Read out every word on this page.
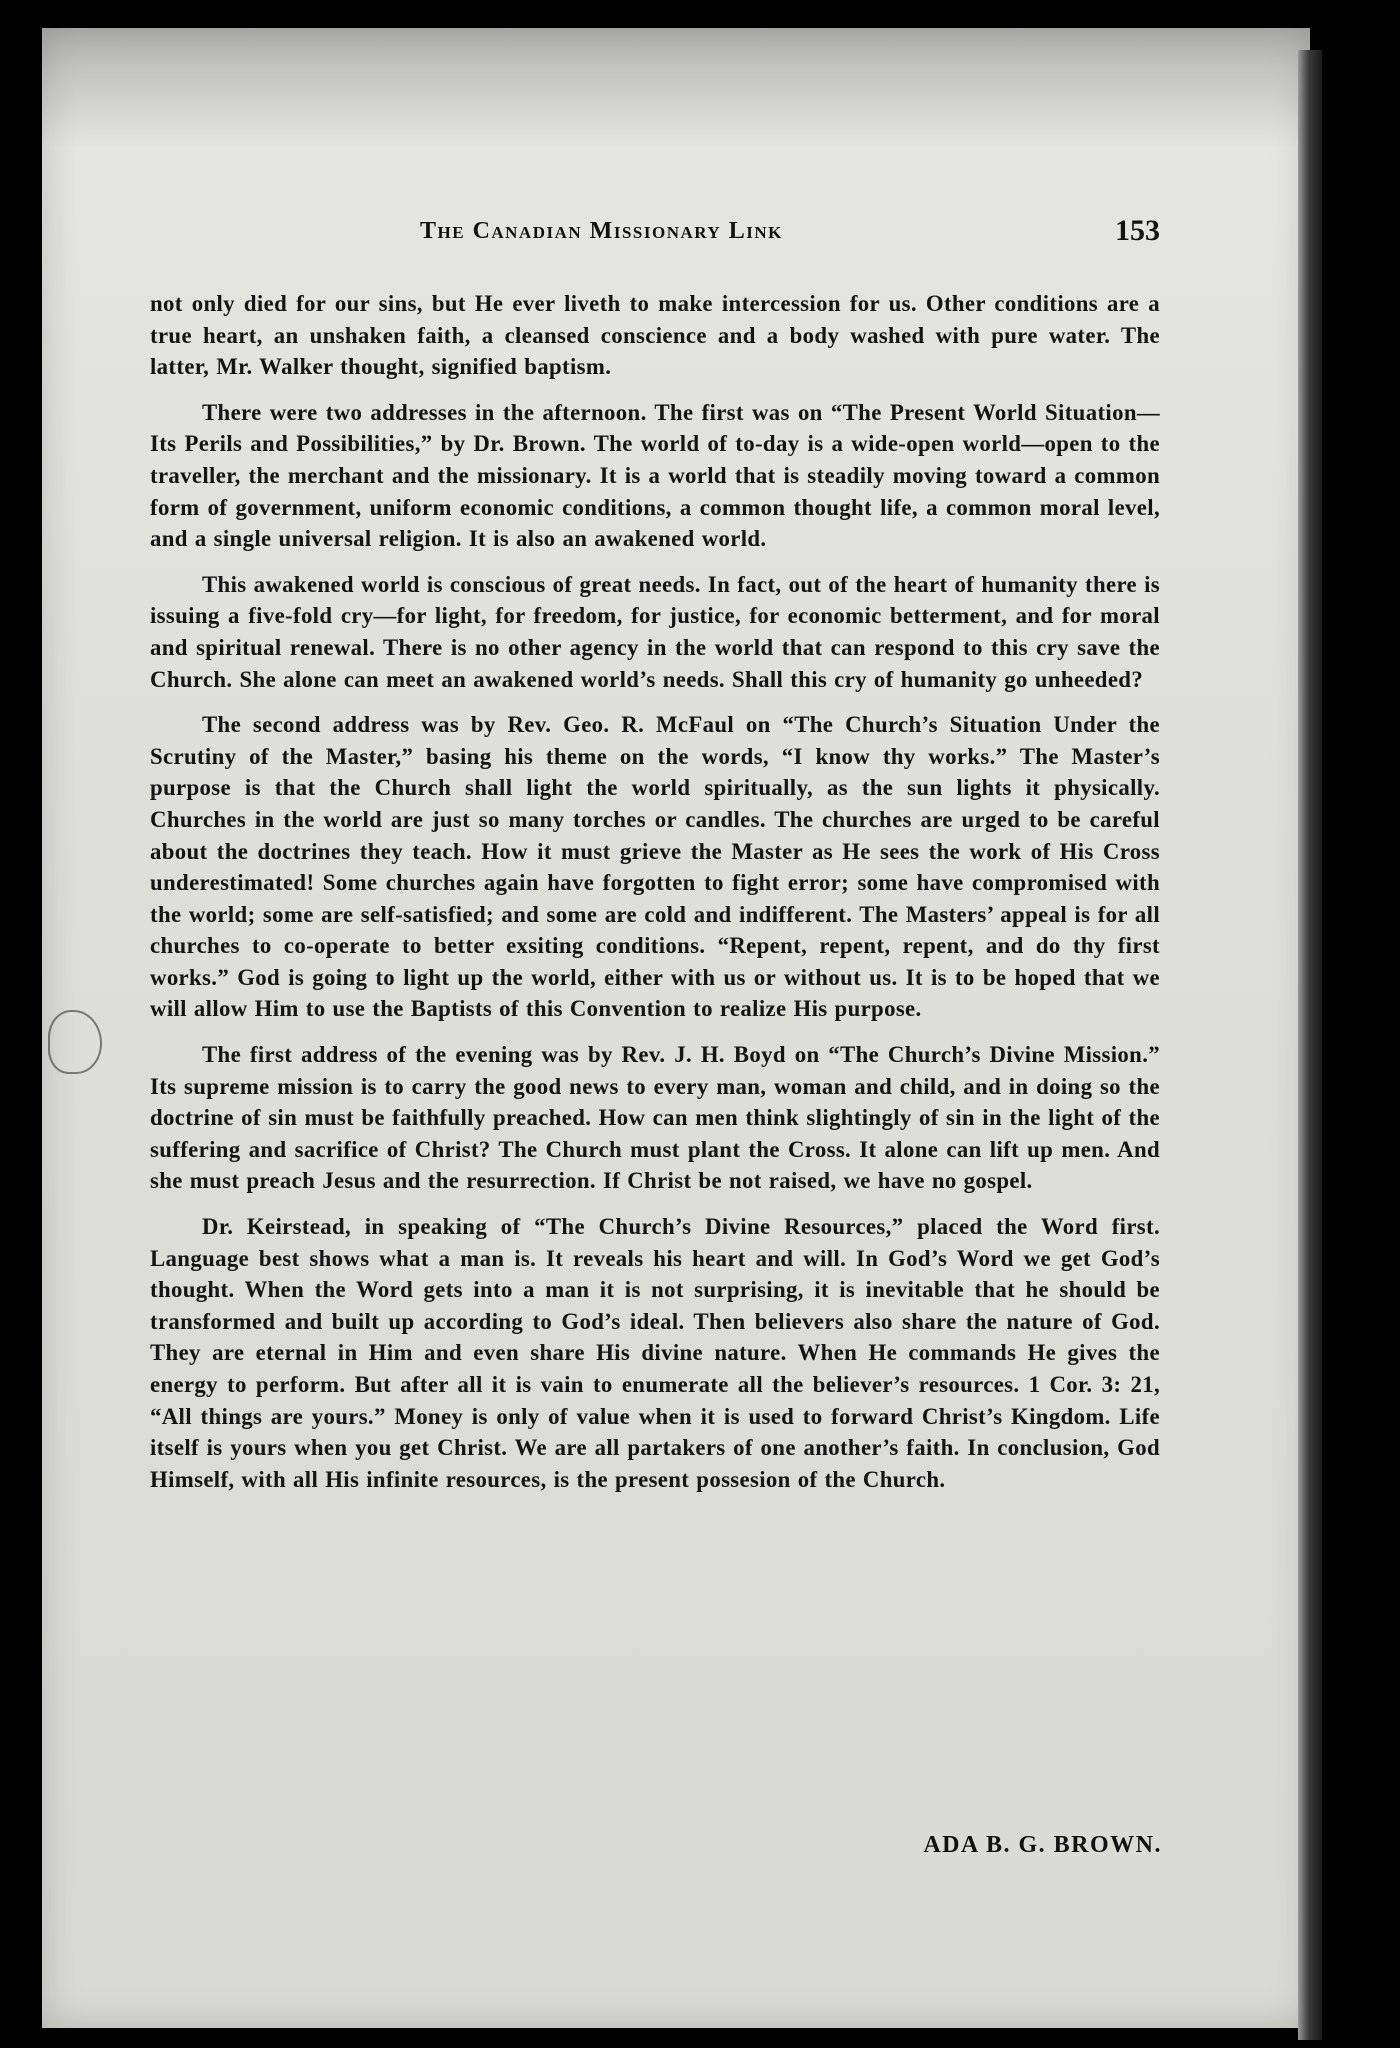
The Canadian Missionary Link	153

not only died for our sins, but He ever liveth to make intercession for us. Other conditions are a true heart, an unshaken faith, a cleansed conscience and a body washed with pure water. The latter, Mr. Walker thought, signified baptism.

There were two addresses in the afternoon. The first was on “The Present World Situation—Its Perils and Possibilities,” by Dr. Brown. The world of to-day is a wide-open world—open to the traveller, the merchant and the missionary. It is a world that is steadily moving toward a common form of government, uniform economic conditions, a common thought life, a common moral level, and a single universal religion. It is also an awakened world.

This awakened world is conscious of great needs. In fact, out of the heart of humanity there is issuing a five-fold cry—for light, for freedom, for justice, for economic betterment, and for moral and spiritual renewal. There is no other agency in the world that can respond to this cry save the Church. She alone can meet an awakened world’s needs. Shall this cry of humanity go unheeded?

The second address was by Rev. Geo. R. McFaul on “The Church’s Situation Under the Scrutiny of the Master,” basing his theme on the words, “I know thy works.” The Master’s purpose is that the Church shall light the world spiritually, as the sun lights it physically. Churches in the world are just so many torches or candles. The churches are urged to be careful about the doctrines they teach. How it must grieve the Master as He sees the work of His Cross underestimated! Some churches again have forgotten to fight error; some have compromised with the world; some are self-satisfied; and some are cold and indifferent. The Masters’ appeal is for all churches to co-operate to better exsiting conditions. “Repent, repent, repent, and do thy first works.” God is going to light up the world, either with us or without us. It is to be hoped that we will allow Him to use the Baptists of this Convention to realize His purpose.

The first address of the evening was by Rev. J. H. Boyd on “The Church’s Divine Mission.” Its supreme mission is to carry the good news to every man, woman and child, and in doing so the doctrine of sin must be faithfully preached. How can men think slightingly of sin in the light of the suffering and sacrifice of Christ? The Church must plant the Cross. It alone can lift up men. And she must preach Jesus and the resurrection. If Christ be not raised, we have no gospel.

Dr. Keirstead, in speaking of “The Church’s Divine Resources,” placed the Word first. Language best shows what a man is. It reveals his heart and will. In God’s Word we get God’s thought. When the Word gets into a man it is not surprising, it is inevitable that he should be transformed and built up according to God’s ideal. Then believers also share the nature of God. They are eternal in Him and even share His divine nature. When He commands He gives the energy to perform. But after all it is vain to enumerate all the believer’s resources. 1 Cor. 3: 21, “All things are yours.” Money is only of value when it is used to forward Christ’s Kingdom. Life itself is yours when you get Christ. We are all partakers of one another’s faith. In conclusion, God Himself, with all His infinite resources, is the present possesion of the Church.

ADA B. G. BROWN.
